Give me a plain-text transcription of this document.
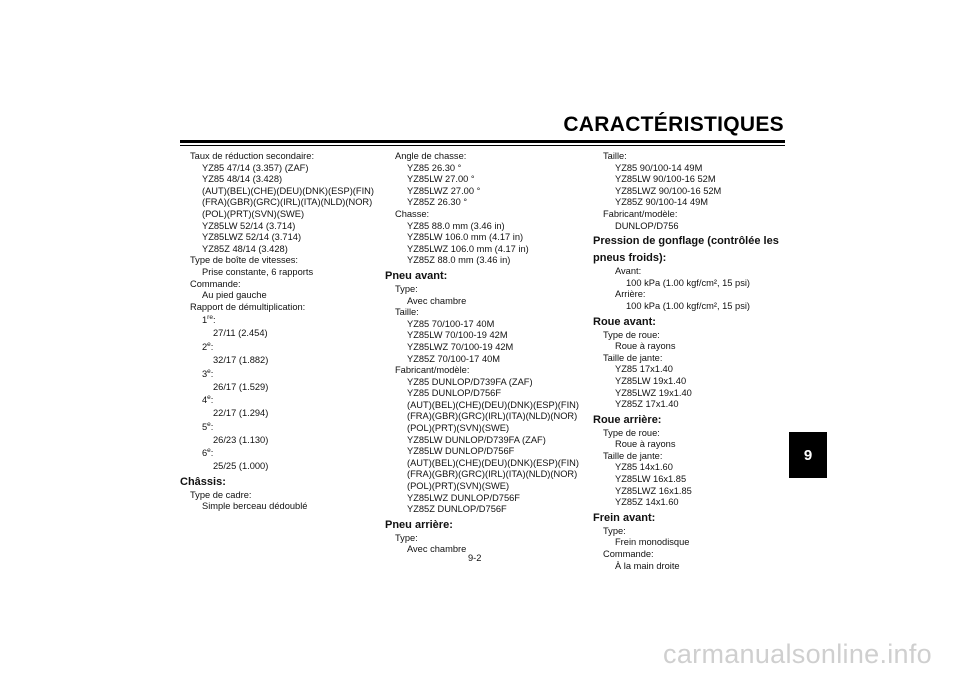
CARACTÉRISTIQUES
Taux de réduction secondaire:
YZ85 47/14 (3.357) (ZAF)
YZ85 48/14 (3.428)
(AUT)(BEL)(CHE)(DEU)(DNK)(ESP)(FIN)
(FRA)(GBR)(GRC)(IRL)(ITA)(NLD)(NOR)
(POL)(PRT)(SVN)(SWE)
YZ85LW 52/14 (3.714)
YZ85LWZ 52/14 (3.714)
YZ85Z 48/14 (3.428)
Type de boîte de vitesses:
Prise constante, 6 rapports
Commande:
Au pied gauche
Rapport de démultiplication:
1re:
27/11 (2.454)
2e:
32/17 (1.882)
3e:
26/17 (1.529)
4e:
22/17 (1.294)
5e:
26/23 (1.130)
6e:
25/25 (1.000)
Châssis:
Type de cadre:
Simple berceau dédoublé
Angle de chasse:
YZ85 26.30 °
YZ85LW 27.00 °
YZ85LWZ 27.00 °
YZ85Z 26.30 °
Chasse:
YZ85 88.0 mm (3.46 in)
YZ85LW 106.0 mm (4.17 in)
YZ85LWZ 106.0 mm (4.17 in)
YZ85Z 88.0 mm (3.46 in)
Pneu avant:
Type:
Avec chambre
Taille:
YZ85 70/100-17 40M
YZ85LW 70/100-19 42M
YZ85LWZ 70/100-19 42M
YZ85Z 70/100-17 40M
Fabricant/modèle:
YZ85 DUNLOP/D739FA (ZAF)
YZ85 DUNLOP/D756F
(AUT)(BEL)(CHE)(DEU)(DNK)(ESP)(FIN)
(FRA)(GBR)(GRC)(IRL)(ITA)(NLD)(NOR)
(POL)(PRT)(SVN)(SWE)
YZ85LW DUNLOP/D739FA (ZAF)
YZ85LW DUNLOP/D756F
(AUT)(BEL)(CHE)(DEU)(DNK)(ESP)(FIN)
(FRA)(GBR)(GRC)(IRL)(ITA)(NLD)(NOR)
(POL)(PRT)(SVN)(SWE)
YZ85LWZ DUNLOP/D756F
YZ85Z DUNLOP/D756F
Pneu arrière:
Type:
Avec chambre
Taille:
YZ85 90/100-14 49M
YZ85LW 90/100-16 52M
YZ85LWZ 90/100-16 52M
YZ85Z 90/100-14 49M
Fabricant/modèle:
DUNLOP/D756
Pression de gonflage (contrôlée les
pneus froids):
Avant:
100 kPa (1.00 kgf/cm², 15 psi)
Arrière:
100 kPa (1.00 kgf/cm², 15 psi)
Roue avant:
Type de roue:
Roue à rayons
Taille de jante:
YZ85 17x1.40
YZ85LW 19x1.40
YZ85LWZ 19x1.40
YZ85Z 17x1.40
Roue arrière:
Type de roue:
Roue à rayons
Taille de jante:
YZ85 14x1.60
YZ85LW 16x1.85
YZ85LWZ 16x1.85
YZ85Z 14x1.60
Frein avant:
Type:
Frein monodisque
Commande:
À la main droite
9
9-2
carmanualsonline.info
